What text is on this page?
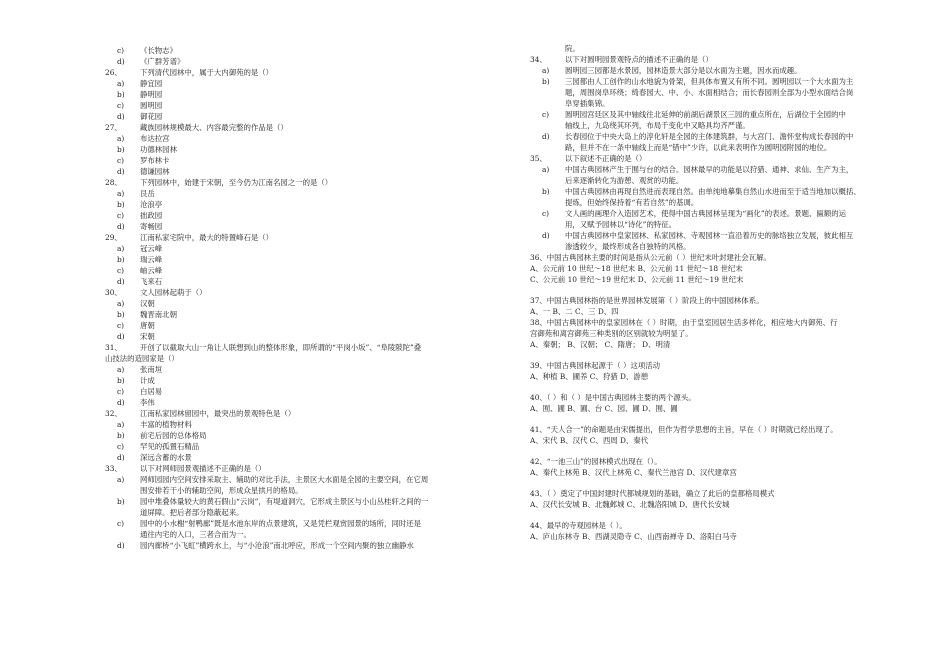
c) 《长物志》
d) 《广群芳谱》
26、 下列清代园林中，属于大内御苑的是（）
a) 静宜园
b) 静明园
c) 圆明园
d) 御花园
27、 藏族园林规模最大、内容最完整的作品是（）
a) 布达拉宫
b) 功德林园林
c) 罗布林卡
d) 德谦园林
28、 下列园林中，始建于宋朝，至今仍为江南名园之一的是（）
a) 艮岳
b) 沧浪亭
c) 拙政园
d) 寄畅园
29、 江南私家宅院中，最大的特置峰石是（）
a) 冠云峰
b) 瑞云峰
c) 岫云峰
d) 飞来石
30、 文人园林起萌于（）
a) 汉朝
b) 魏晋南北朝
c) 唐朝
d) 宋朝
31、 开创了以截取大山一角让人联想到山的整体形象，即所谓的“平岗小坂”、“阜陵陂陀”叠
山技法的造园家是（）
a) 张南垣
b) 计成
c) 白居易
d) 李伟
32、 江南私家园林留园中，最突出的景观特色是（）
a) 丰富的植物材料
b) 前宅后园的总体格局
c) 罕见的孤置石精品
d) 深远含蓄的水景
33、 以下对网师园景观描述不正确的是（）
a) 网师园园内空间安排采取主、辅助的对比手法，主景区大水面是全园的主要空间，在它周
围安排若干小的辅助空间，形成众星拱月的格局。
b) 园中堆叠体量较大的黄石假山“云岗”，有堤道洞穴，它形成主景区与小山丛桂轩之间的一
道屏障。把后者部分隐蔽起来。
c) 园中的小水榭“射鸭廊”既是水池东岸的点景建筑，又是凭栏观赏园景的场所，同时还是
通往内宅的入口，三者合而为一。
d) 园内廊桥“小飞虹”横跨水上，与“小沧浪”南北呼应，形成一个空间内聚的独立幽静水
院。
34、 以下对圆明园景观特点的描述不正确的是（）
a) 圆明园三园都是水景园，园林造景大部分是以水面为主题，因水而成趣。
b) 三园都由人工创作的山水地貌为骨架，但具体布置又有所不同。圆明园以一个大水面为主
题，周围岗阜环绕；绮春园大、中、小、水面相结合；而长春园则全部为小型水面结合岗
阜穿插集锦。
c) 圆明园宫廷区及其中轴线往北延伸的前湖后湖景区三园的重点所在，后湖位于全园的中
轴线上，九岛绕其环列，布局千变化中又略具均齐严谨。
d) 长春园位于中央大岛上的淳化轩是全园的主体建筑群，与大宫门、澹怀堂构成长春园的中
路，但并不在一条中轴线上而是“错中”少许，以此来表明作为圆明园附园的地位。
35、 以下叙述不正确的是（）
a) 中国古典园林产生于囿与台的结合。园林最早的功能是以狩猎、通神、求仙、生产为主，
后来逐渐转化为游憩、观赏的功能。
b) 中国古典园林由再现自然进而表现自然。由单纯地摹集自然山水进而至于适当地加以概括、
提炼，但始终保持着“有若自然”的基调。
c) 文人画的画理介入造园艺术，使得中国古典园林呈现为“画化”的表述。景题、匾额的运
用，又赋予园林以“诗化”的特征。
d) 中国古典园林中皇家园林、私家园林、寺观园林一直沿着历史的脉络独立发展，彼此相互
渗透较少，最终形成各自独特的风格。
36、中国古典园林主要的时间是指从公元前（ ）世纪末叶封建社会瓦解。
A、公元前 10 世纪～18 世纪末 B、公元前 11 世纪～18 世纪末
C、公元前 10 世纪～19 世纪末 D、公元前 11 世纪～19 世纪末
37、中国古典园林指的是世界园林发展第（ ）阶段上的中国园林体系。
A、一 B、二 C、三 D、四
38、中国古典园林中的皇家园林在（ ）时期，由于皇室园居生活多样化，相应地大内御苑、行
宫御苑和离宫御苑三种类别的区别就较为明显了。
A、秦朝； B、汉朝； C、隋唐； D、明清
39、中国古典园林起源于（ ）这项活动
A、种植 B、圃养 C、狩猎 D、游憩
40、（ ）和（ ）是中国古典园林主要的两个源头。
A、囿、圃 B、圃、台 C、园、圃 D、囿、圃
41、“天人合一”的命题是由宋儒提出，但作为哲学思想的主旨，早在（ ）时期就已经出现了。
A、宋代 B、汉代 C、西周 D、秦代
42、“一池三山”的园林模式出现在（）。
A、秦代上林苑 B、汉代上林苑 C、秦代兰池宫 D、汉代建章宫
43、（ ）奠定了中国封建时代都城规划的基础，确立了此后的皇都格局模式
A、汉代长安城 B、北魏邺城 C、北魏洛阳城 D、唐代长安城
44、最早的寺观园林是（ ）。
A、庐山东林寺 B、西湖灵隐寺 C、山西南禅寺 D、洛阳白马寺
